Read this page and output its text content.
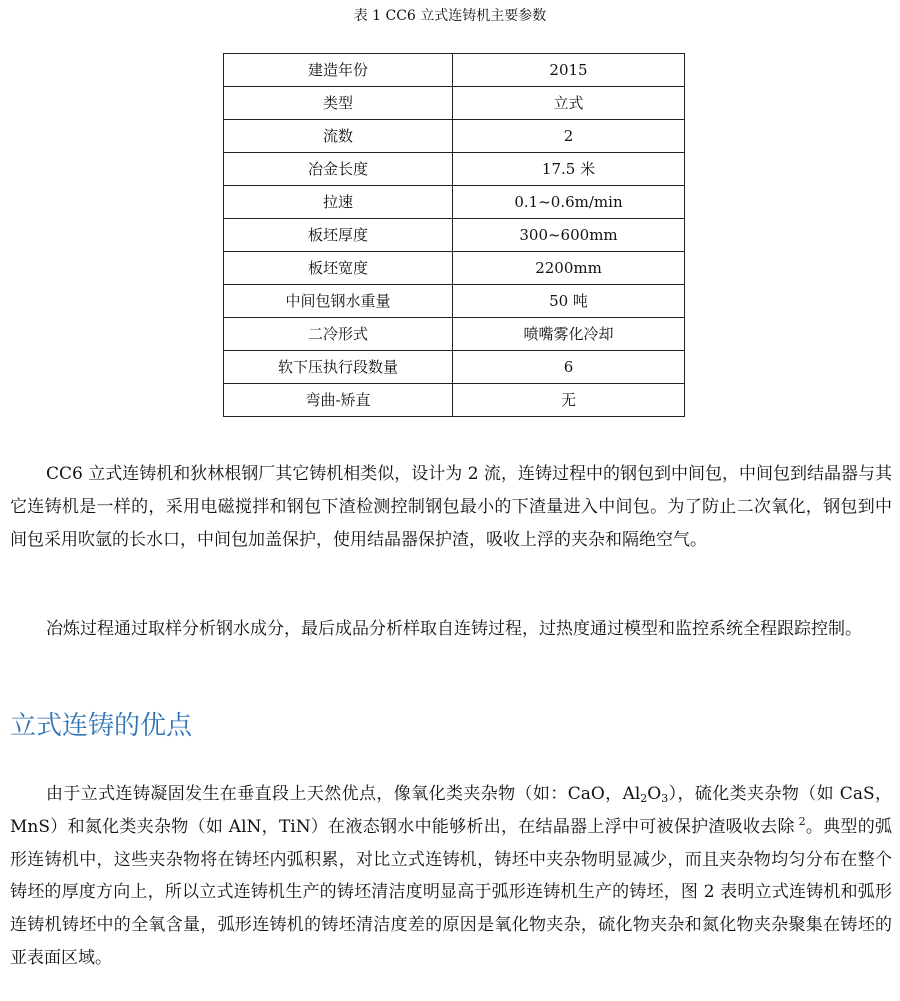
表 1 CC6 立式连铸机主要参数
建造年份	2015
类型	立式
流数	2
冶金长度	17.5 米
拉速	0.1~0.6m/min
板坯厚度	300~600mm
板坯宽度	2200mm
中间包钢水重量	50 吨
二冷形式	喷嘴雾化冷却
软下压执行段数量	6
弯曲-矫直	无

CC6 立式连铸机和狄林根钢厂其它铸机相类似，设计为 2 流，连铸过程中的钢包到中间包，中间包到结晶器与其它连铸机是一样的，采用电磁搅拌和钢包下渣检测控制钢包最小的下渣量进入中间包。为了防止二次氧化，钢包到中间包采用吹氩的长水口，中间包加盖保护，使用结晶器保护渣，吸收上浮的夹杂和隔绝空气。

冶炼过程通过取样分析钢水成分，最后成品分析样取自连铸过程，过热度通过模型和监控系统全程跟踪控制。

立式连铸的优点

由于立式连铸凝固发生在垂直段上天然优点，像氧化类夹杂物（如：CaO，$Al_2O_3$），硫化类夹杂物（如 CaS，MnS）和氮化类夹杂物（如 AlN，TiN）在液态钢水中能够析出，在结晶器上浮中可被保护渣吸收去除 $^2$。典型的弧形连铸机中，这些夹杂物将在铸坯内弧积累，对比立式连铸机，铸坯中夹杂物明显减少，而且夹杂物均匀分布在整个铸坯的厚度方向上，所以立式连铸机生产的铸坯清洁度明显高于弧形连铸机生产的铸坯，图 2 表明立式连铸机和弧形连铸机铸坯中的全氧含量，弧形连铸机的铸坯清洁度差的原因是氧化物夹杂，硫化物夹杂和氮化物夹杂聚集在铸坯的亚表面区域。
